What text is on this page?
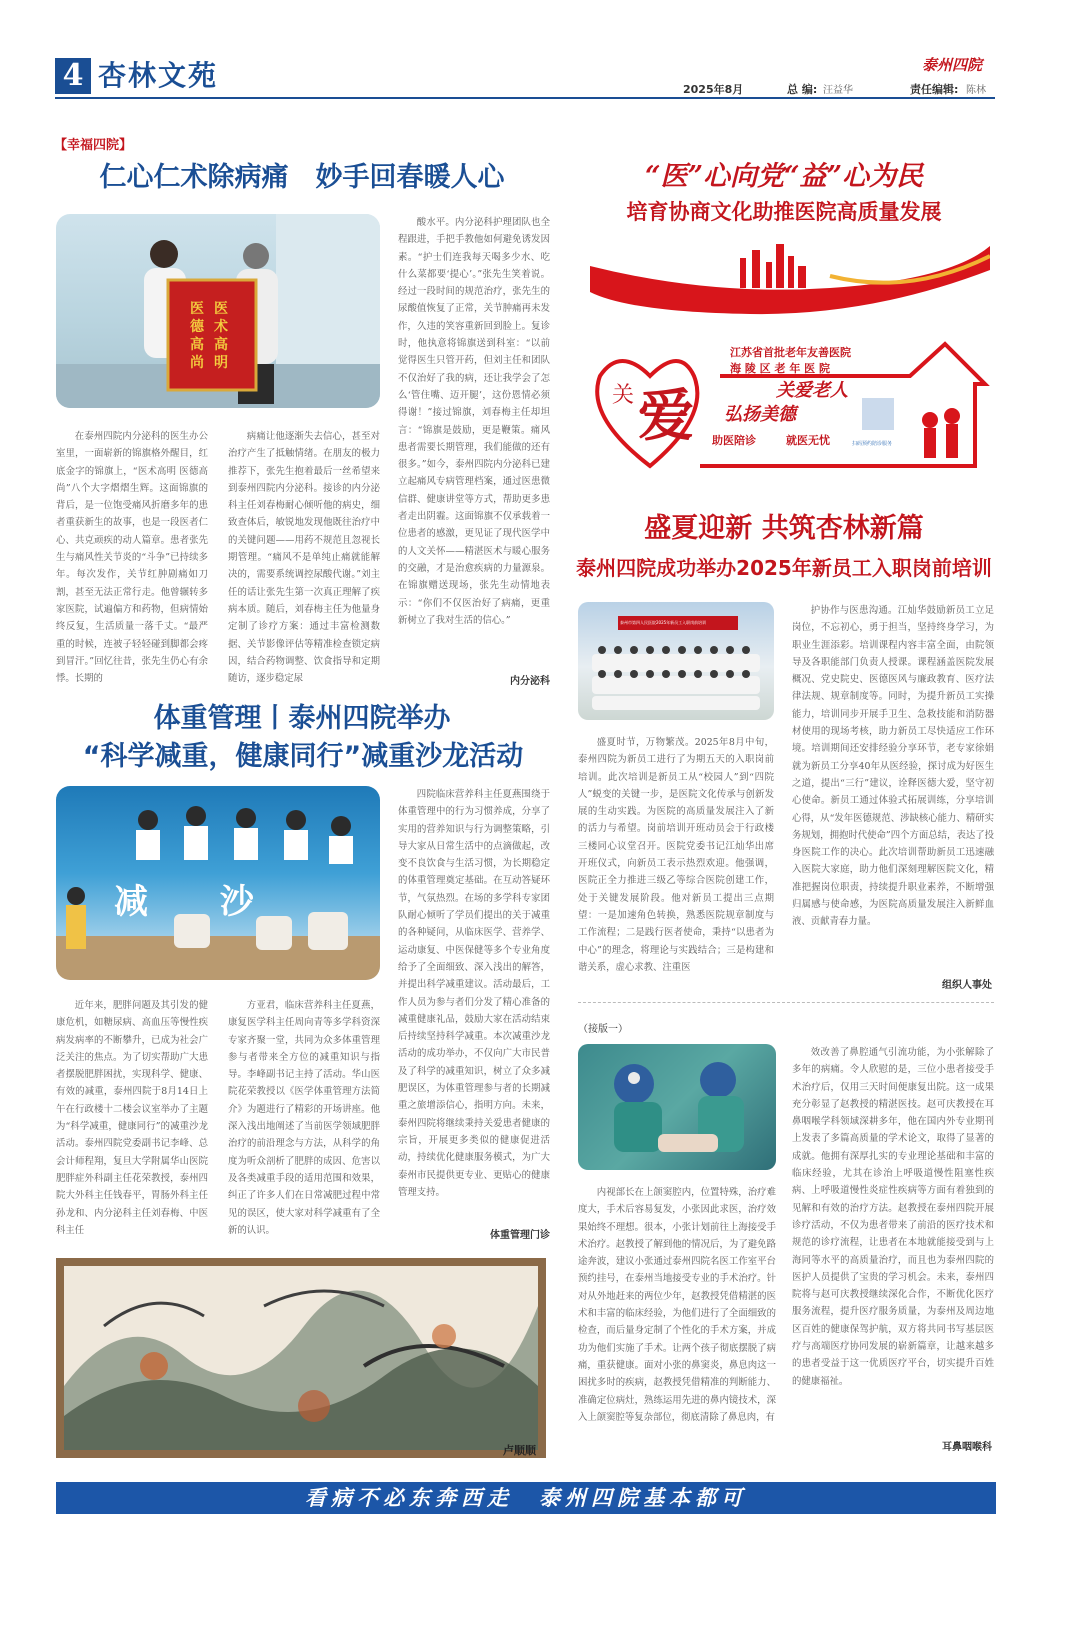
4 杏林文苑	泰州四院
2025年8月	总 编: 汪益华	责任编辑: 陈林
【幸福四院】
仁心仁术除病痛　妙手回春暖人心
医术高明
医德高尚

在泰州四院内分泌科的医生办公室里，一面崭新的锦旗格外醒目，红底金字的锦旗上，“医术高明 医德高尚”八个大字熠熠生辉。这面锦旗的背后，是一位饱受痛风折磨多年的患者重获新生的故事，也是一段医者仁心、共克顽疾的动人篇章。患者张先生与痛风性关节炎的“斗争”已持续多年。每次发作，关节红肿剧痛如刀割，甚至无法正常行走。他曾辗转多家医院，试遍偏方和药物，但病情始终反复，生活质量一落千丈。“最严重的时候，连被子轻轻碰到脚都会疼到冒汗。”回忆往昔，张先生仍心有余悸。长期的

病痛让他逐渐失去信心，甚至对治疗产生了抵触情绪。在朋友的极力推荐下，张先生抱着最后一丝希望来到泰州四院内分泌科。接诊的内分泌科主任刘春梅耐心倾听他的病史，细致查体后，敏锐地发现他既往治疗中的关键问题——用药不规范且忽视长期管理。“痛风不是单纯止痛就能解决的，需要系统调控尿酸代谢。”刘主任的话让张先生第一次真正理解了疾病本质。随后，刘春梅主任为他量身定制了诊疗方案：通过丰富检测数据、关节影像评估等精准检查锁定病因，结合药物调整、饮食指导和定期随访，逐步稳定尿

酸水平。内分泌科护理团队也全程跟进，手把手教他如何避免诱发因素。“护士们连我每天喝多少水、吃什么菜都要‘提心’。”张先生笑着说。经过一段时间的规范治疗，张先生的尿酸值恢复了正常，关节肿痛再未发作，久违的笑容重新回到脸上。复诊时，他执意将锦旗送到科室：“以前觉得医生只管开药，但刘主任和团队不仅治好了我的病，还让我学会了怎么‘管住嘴、迈开腿’，这份恩情必须得谢！”接过锦旗，刘春梅主任却坦言：“锦旗是鼓励，更是鞭策。痛风患者需要长期管理，我们能做的还有很多。”如今，泰州四院内分泌科已建立起痛风专病管理档案，通过医患微信群、健康讲堂等方式，帮助更多患者走出阴霾。这面锦旗不仅承载着一位患者的感激，更见证了现代医学中的人文关怀——精湛医术与暖心服务的交融，才是治愈疾病的力量源泉。在锦旗赠送现场，张先生动情地表示：“你们不仅医治好了病痛，更重新树立了我对生活的信心。”

内分泌科
体重管理丨泰州四院举办
“科学减重，健康同行”减重沙龙活动
减 沙

近年来，肥胖问题及其引发的健康危机，如糖尿病、高血压等慢性疾病发病率的不断攀升，已成为社会广泛关注的焦点。为了切实帮助广大患者摆脱肥胖困扰，实现科学、健康、有效的减重，泰州四院于8月14日上午在行政楼十二楼会议室举办了主题为“科学减重，健康同行”的减重沙龙活动。泰州四院党委副书记李峰、总会计师程翔，复旦大学附属华山医院肥胖症外科副主任花荣教授，泰州四院大外科主任钱春平，胃肠外科主任孙龙和、内分泌科主任刘春梅、中医科主任

方亚君，临床营养科主任夏燕，康复医学科主任周向青等多学科资深专家齐聚一堂，共同为众多体重管理参与者带来全方位的减重知识与指导。李峰副书记主持了活动。华山医院花荣教授以《医学体重管理方法简介》为题进行了精彩的开场讲座。他深入浅出地阐述了当前医学领域肥胖治疗的前沿理念与方法，从科学的角度为听众剖析了肥胖的成因、危害以及各类减重手段的适用范围和效果，纠正了许多人们在日常减肥过程中常见的误区，使大家对科学减重有了全新的认识。

四院临床营养科主任夏燕围绕于体重管理中的行为习惯养成，分享了实用的营养知识与行为调整策略，引导大家从日常生活中的点滴做起，改变不良饮食与生活习惯，为长期稳定的体重管理奠定基础。在互动答疑环节，气氛热烈。在场的多学科专家团队耐心倾听了学员们提出的关于减重的各种疑问，从临床医学、营养学、运动康复、中医保健等多个专业角度给予了全面细致、深入浅出的解答，并提出科学减重建议。活动最后，工作人员为参与者们分发了精心准备的减重健康礼品，鼓励大家在活动结束后持续坚持科学减重。本次减重沙龙活动的成功举办，不仅向广大市民普及了科学的减重知识，树立了众多减肥误区，为体重管理参与者的长期减重之旅增添信心，指明方向。未来，泰州四院将继续秉持关爱患者健康的宗旨，开展更多类似的健康促进活动，持续优化健康服务模式，为广大泰州市民提供更专业、更贴心的健康管理支持。

体重管理门诊
卢顺顺
“医”心向党“益”心为民
培育协商文化助推医院高质量发展
江苏省首批老年友善医院
海 陵 区 老 年 医 院
关 爱	关爱老人
弘扬美德
助医陪诊	就医无忧	扫码预约陪诊服务
盛夏迎新 共筑杏林新篇
泰州四院成功举办2025年新员工入职岗前培训
泰州市第四人民医院2025年新员工入职岗前培训

护协作与医患沟通。江灿华鼓励新员工立足岗位，不忘初心，勇于担当，坚持终身学习，为职业生涯添彩。培训课程内容丰富全面，由院领导及各职能部门负责人授课。课程涵盖医院发展概况、党史院史、医德医风与廉政教育、医疗法律法规、规章制度等。同时，为提升新员工实操能力，培训同步开展手卫生、急救技能和消防器材使用的现场考核，助力新员工尽快适应工作环境。培训期间还安排经验分享环节，老专家徐娟就为新员工分享40年从医经验，探讨成为好医生之道，提出“三行”建议，诠释医德大爱，坚守初心使命。新员工通过体验式拓展训练，分享培训心得，从“发年医德规范、涉缺核心能力、精研实务规划，拥抱时代使命”四个方面总结，表达了投身医院工作的决心。此次培训帮助新员工迅速融入医院大家庭，助力他们深刻理解医院文化，精准把握岗位职责，持续提升职业素养，不断增强归属感与使命感，为医院高质量发展注入新鲜血液、贡献青春力量。

盛夏时节，万物繁茂。2025年8月中旬，泰州四院为新员工进行了为期五天的入职岗前培训。此次培训是新员工从“校园人”到“四院人”蜕变的关键一步，是医院文化传承与创新发展的生动实践。为医院的高质量发展注入了新的活力与希望。岗前培训开班动员会于行政楼三楼同心议堂召开。医院党委书记江灿华出席开班仪式，向新员工表示热烈欢迎。他强调，医院正全力推进三级乙等综合医院创建工作，处于关键发展阶段。他对新员工提出三点期望：一是加速角色转换，熟悉医院规章制度与工作流程；二是践行医者使命，秉持“以患者为中心”的理念，将理论与实践结合；三是构建和谐关系，虚心求教、注重医

组织人事处
（接版一）

效改善了鼻腔通气引流功能，为小张解除了多年的病痛。令人欣慰的是，三位小患者接受手术治疗后，仅用三天时间便康复出院。这一成果充分彰显了赵教授的精湛医技。赵可庆教授在耳鼻咽喉学科领域深耕多年，他在国内外专业期刊上发表了多篇高质量的学术论文，取得了显著的成就。他拥有深厚扎实的专业理论基础和丰富的临床经验，尤其在诊治上呼吸道慢性阻塞性疾病、上呼吸道慢性炎症性疾病等方面有着独到的见解和有效的治疗方法。赵教授在泰州四院开展诊疗活动，不仅为患者带来了前沿的医疗技术和规范的诊疗流程，让患者在本地就能接受到与上海同等水平的高质量治疗，而且也为泰州四院的医护人员提供了宝贵的学习机会。未来，泰州四院将与赵可庆教授继续深化合作，不断优化医疗服务流程，提升医疗服务质量，为泰州及周边地区百姓的健康保驾护航，双方将共同书写基层医疗与高端医疗协同发展的崭新篇章，让越来越多的患者受益于这一优质医疗平台，切实提升百姓的健康福祉。

内视部长在上颌窦腔内，位置特殊，治疗难度大，手术后容易复发，小张因此求医，治疗效果始终不理想。很本，小张计划前往上海接受手术治疗。赵教授了解到他的情况后，为了避免路途奔波，建议小张通过泰州四院名医工作室平台预约挂号，在泰州当地接受专业的手术治疗。针对从外地赶来的两位少年，赵教授凭借精湛的医术和丰富的临床经验，为他们进行了全面细致的检查，而后量身定制了个性化的手术方案，并成功为他们实施了手术。让两个孩子彻底摆脱了病痛，重获健康。面对小张的鼻窦炎，鼻息肉这一困扰多时的疾病，赵教授凭借精准的判断能力、准确定位病灶，熟练运用先进的鼻内镜技术，深入上颌窦腔等复杂部位，彻底清除了鼻息肉，有

耳鼻咽喉科
看病不必东奔西走　泰州四院基本都可
